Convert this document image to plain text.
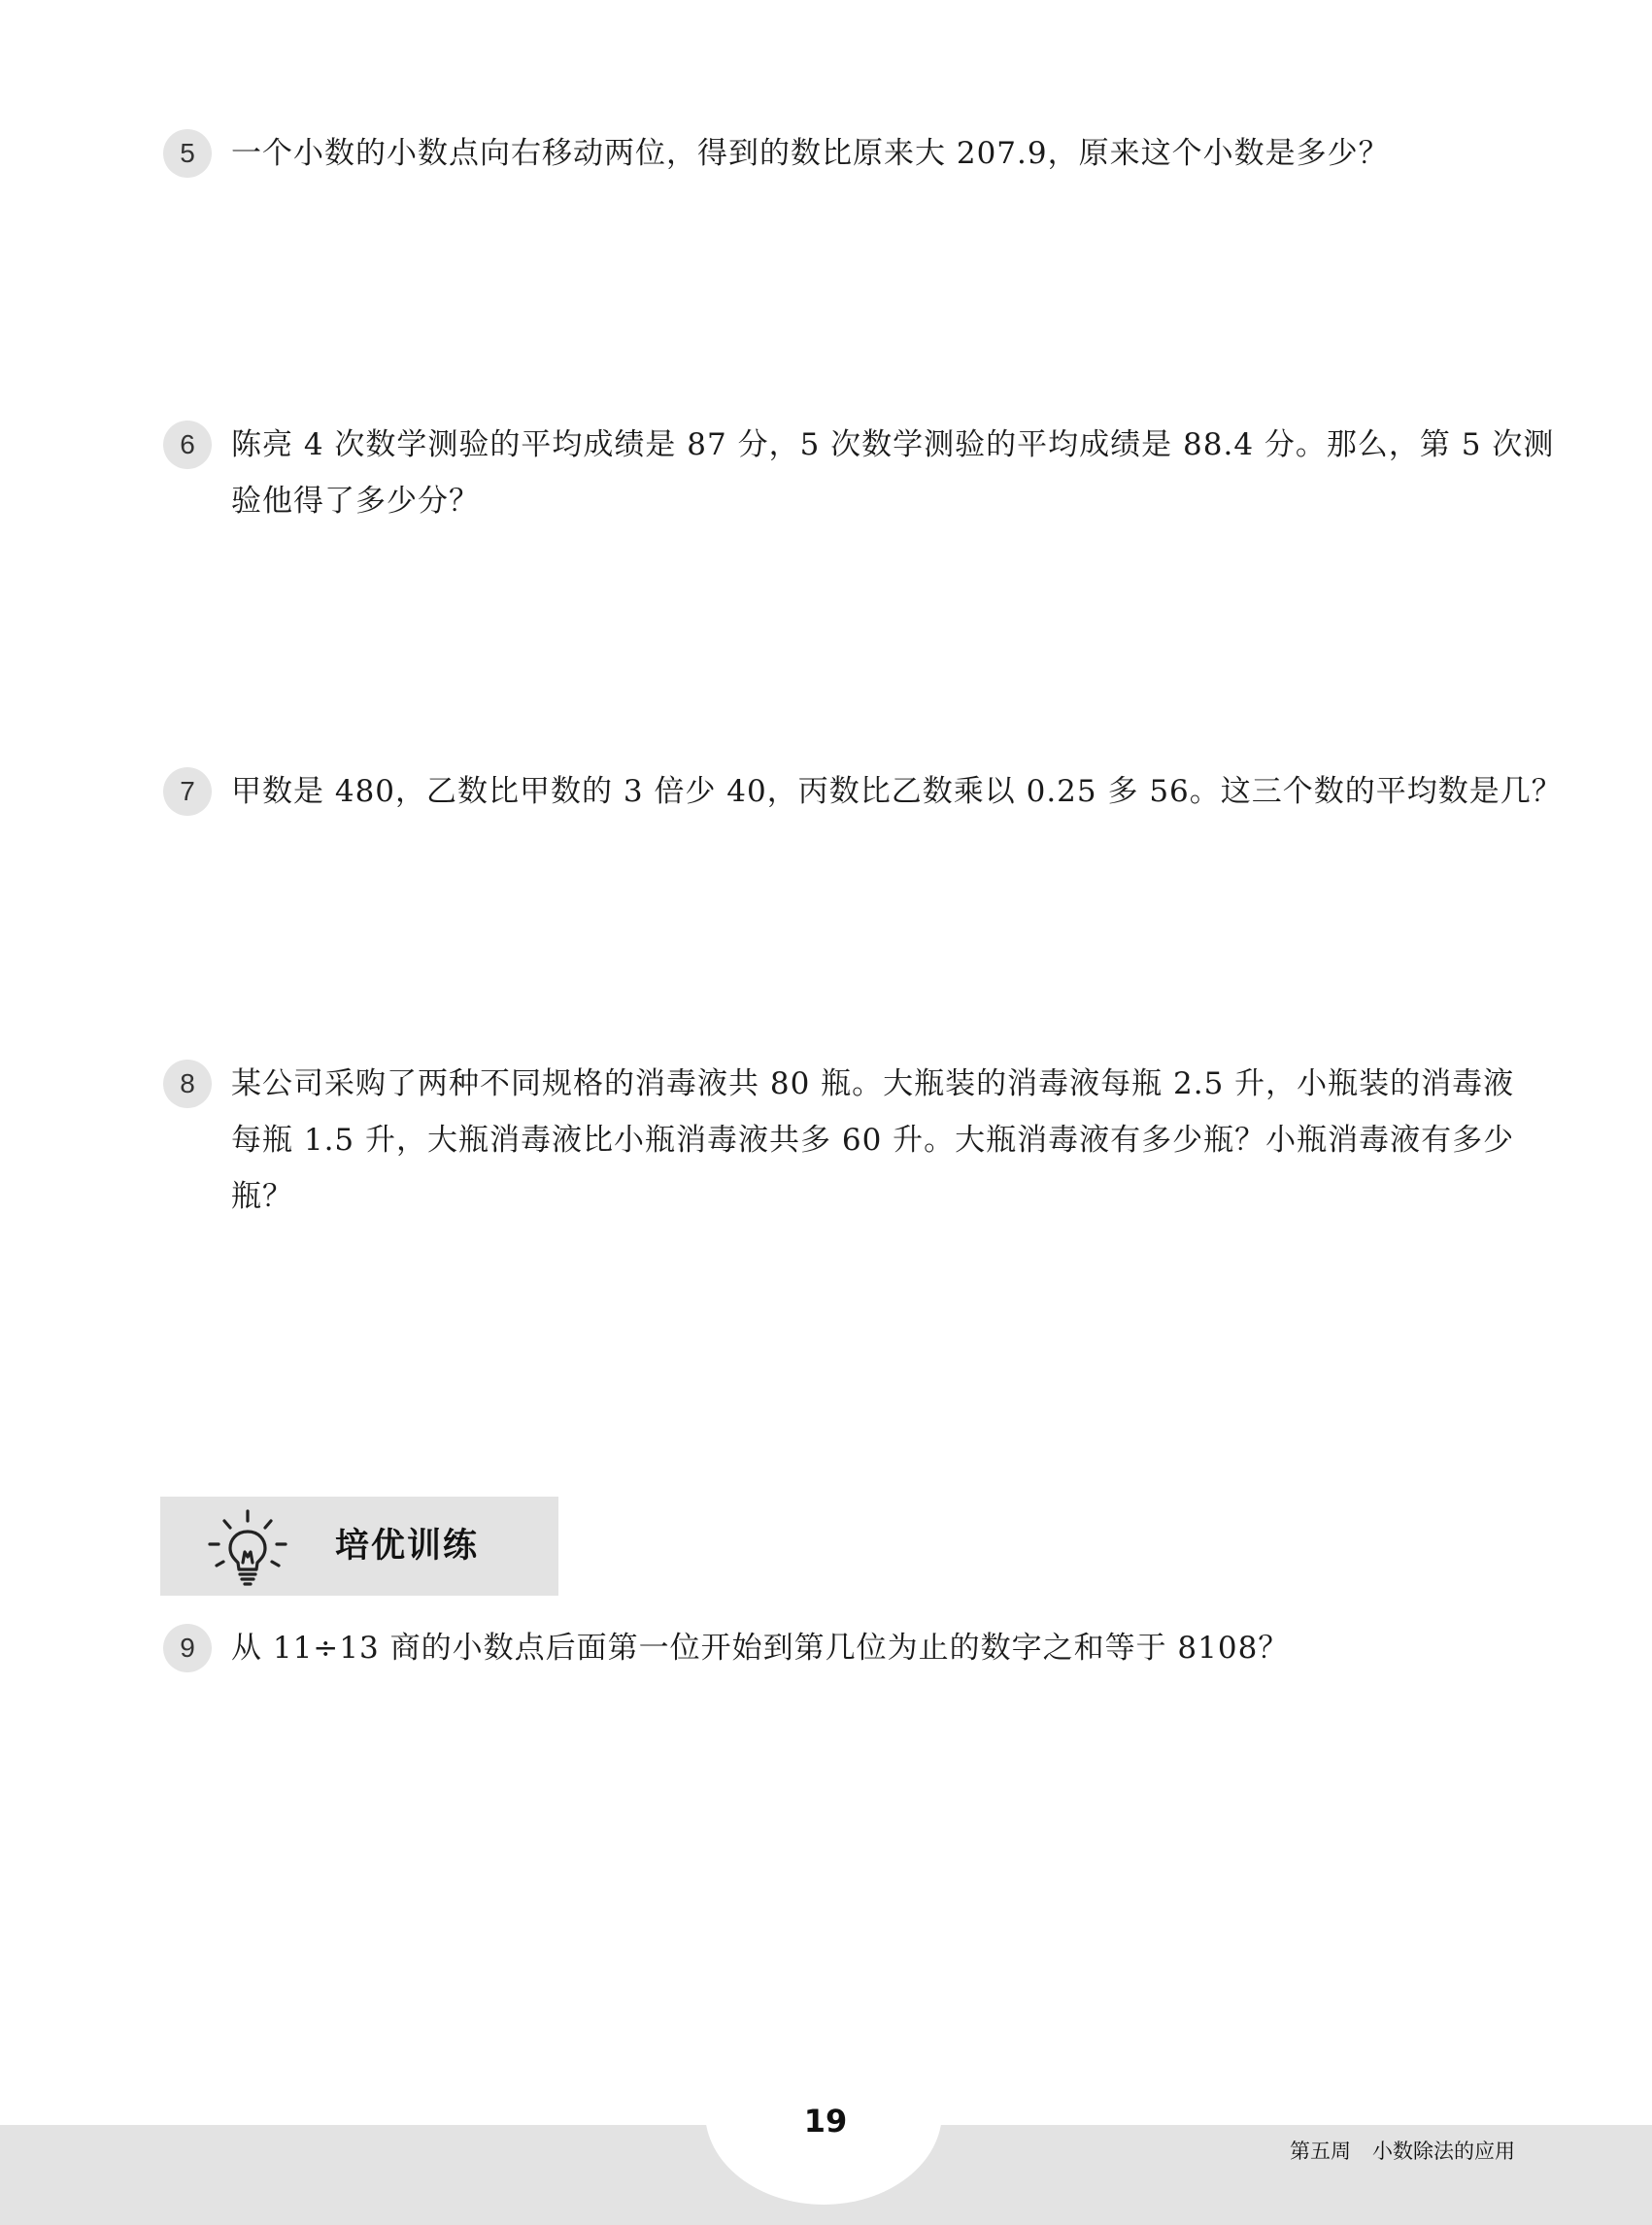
5	一个小数的小数点向右移动两位，得到的数比原来大 207.9，原来这个小数是多少？
6	陈亮 4 次数学测验的平均成绩是 87 分，5 次数学测验的平均成绩是 88.4 分。那么，第 5 次测
验他得了多少分？
7	甲数是 480，乙数比甲数的 3 倍少 40，丙数比乙数乘以 0.25 多 56。这三个数的平均数是几？
8	某公司采购了两种不同规格的消毒液共 80 瓶。大瓶装的消毒液每瓶 2.5 升，小瓶装的消毒液
每瓶 1.5 升，大瓶消毒液比小瓶消毒液共多 60 升。大瓶消毒液有多少瓶？小瓶消毒液有多少
瓶？
培优训练
9	从 11÷13 商的小数点后面第一位开始到第几位为止的数字之和等于 8108？
19
第五周 小数除法的应用
